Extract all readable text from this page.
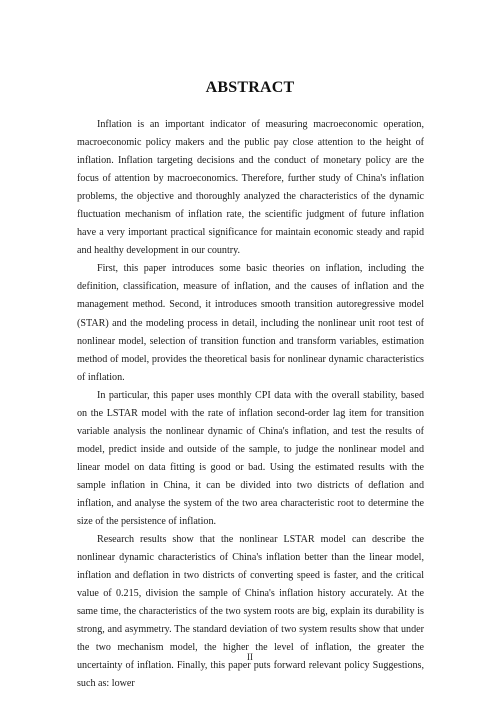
ABSTRACT

Inflation is an important indicator of measuring macroeconomic operation, macroeconomic policy makers and the public pay close attention to the height of inflation. Inflation targeting decisions and the conduct of monetary policy are the focus of attention by macroeconomics. Therefore, further study of China's inflation problems, the objective and thoroughly analyzed the characteristics of the dynamic fluctuation mechanism of inflation rate, the scientific judgment of future inflation have a very important practical significance for maintain economic steady and rapid and healthy development in our country.

First, this paper introduces some basic theories on inflation, including the definition, classification, measure of inflation, and the causes of inflation and the management method. Second, it introduces smooth transition autoregressive model (STAR) and the modeling process in detail, including the nonlinear unit root test of nonlinear model, selection of transition function and transform variables, estimation method of model, provides the theoretical basis for nonlinear dynamic characteristics of inflation.

In particular, this paper uses monthly CPI data with the overall stability, based on the LSTAR model with the rate of inflation second-order lag item for transition variable analysis the nonlinear dynamic of China's inflation, and test the results of model, predict inside and outside of the sample, to judge the nonlinear model and linear model on data fitting is good or bad. Using the estimated results with the sample inflation in China, it can be divided into two districts of deflation and inflation, and analyse the system of the two area characteristic root to determine the size of the persistence of inflation.

Research results show that the nonlinear LSTAR model can describe the nonlinear dynamic characteristics of China's inflation better than the linear model, inflation and deflation in two districts of converting speed is faster, and the critical value of 0.215, division the sample of China's inflation history accurately. At the same time, the characteristics of the two system roots are big, explain its durability is strong, and asymmetry. The standard deviation of two system results show that under the two mechanism model, the higher the level of inflation, the greater the uncertainty of inflation. Finally, this paper puts forward relevant policy Suggestions, such as: lower

II
